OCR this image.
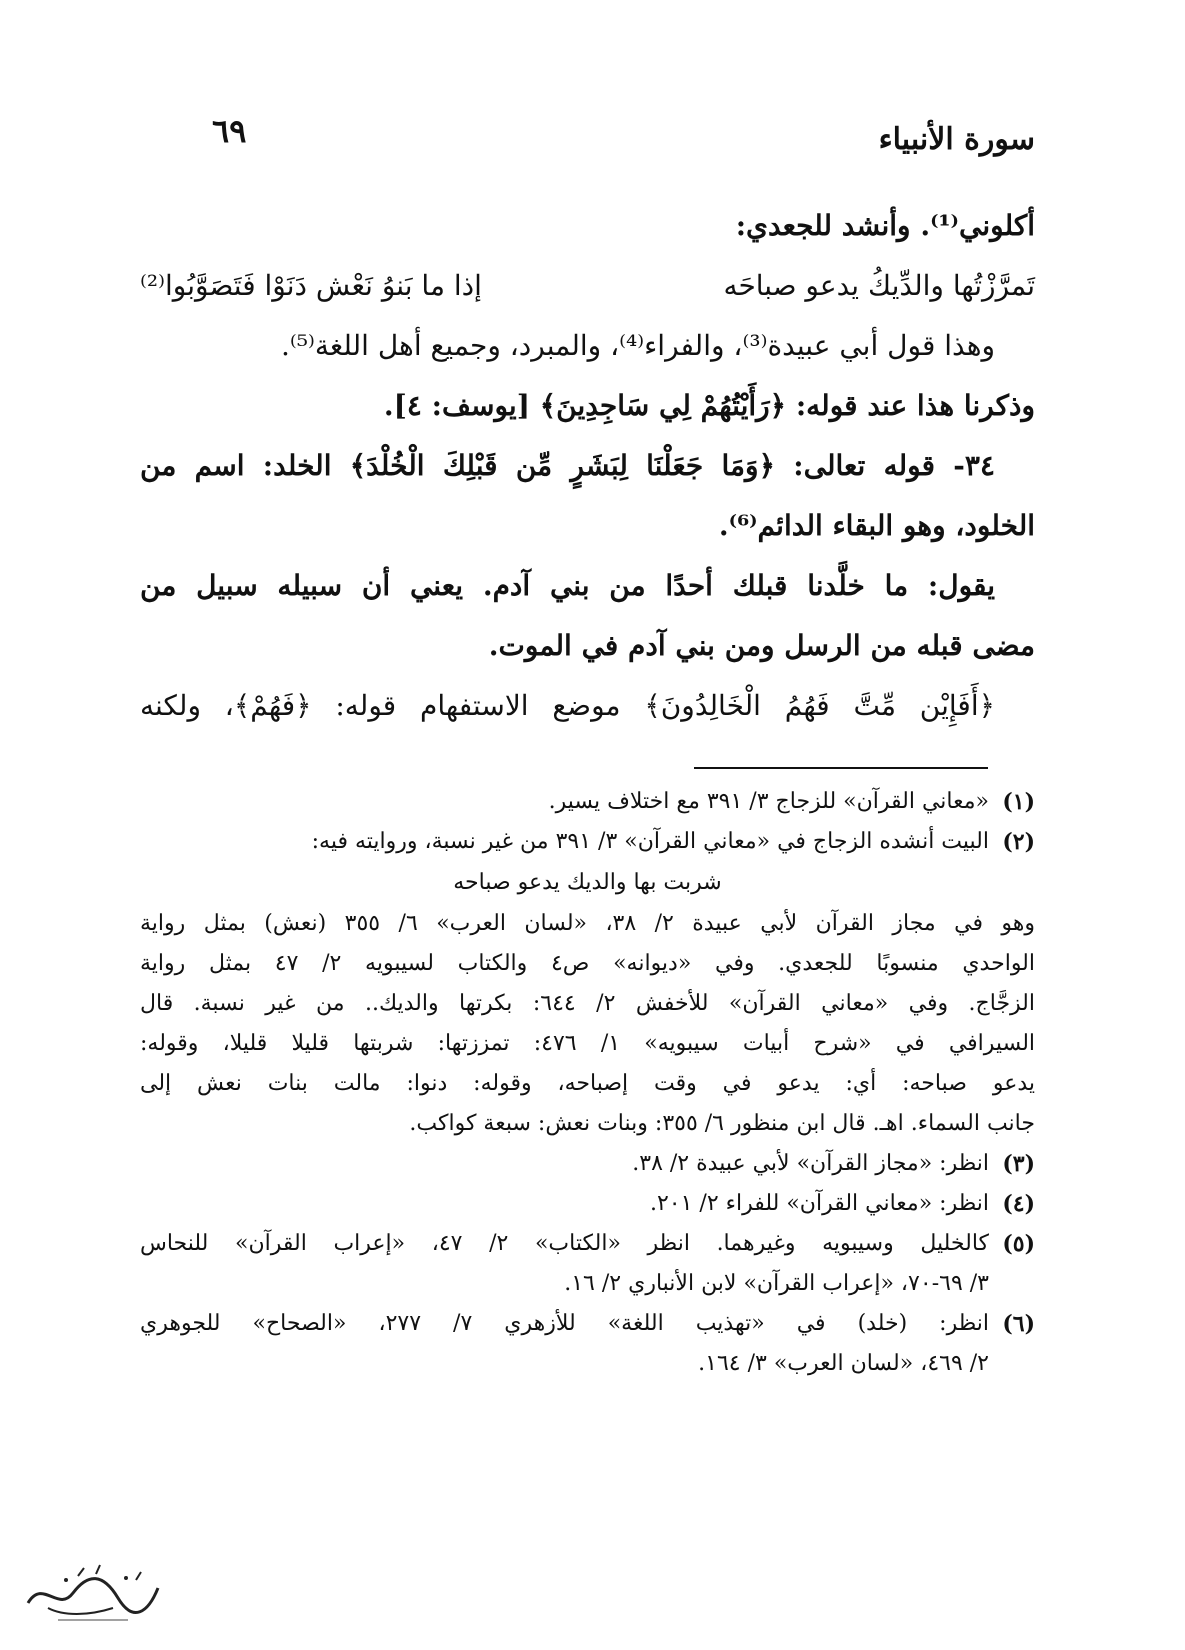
سورة الأنبياء
٦٩
أكلوني⁽¹⁾. وأنشد للجعدي:
تَمرَّزْتُها والدِّيكُ يدعو صباحَه
إذا ما بَنوُ نَعْش دَنَوْا فَتَصَوَّبُوا⁽²⁾
وهذا قول أبي عبيدة⁽³⁾، والفراء⁽⁴⁾، والمبرد، وجميع أهل اللغة⁽⁵⁾.
وذكرنا هذا عند قوله: ﴿رَأَيْتُهُمْ لِي سَاجِدِينَ﴾ [يوسف: ٤].
٣٤- قوله تعالى: ﴿وَمَا جَعَلْنَا لِبَشَرٍ مِّن قَبْلِكَ الْخُلْدَ﴾ الخلد: اسم من
الخلود، وهو البقاء الدائم⁽⁶⁾.
يقول: ما خلَّدنا قبلك أحدًا من بني آدم. يعني أن سبيله سبيل من
مضى قبله من الرسل ومن بني آدم في الموت.
﴿أَفَإِيْن مِّتَّ فَهُمُ الْخَالِدُونَ﴾ موضع الاستفهام قوله: ﴿فَهُمْ﴾، ولكنه
(١)
«معاني القرآن» للزجاج ٣/ ٣٩١ مع اختلاف يسير.
(٢)
البيت أنشده الزجاج في «معاني القرآن» ٣/ ٣٩١ من غير نسبة، وروايته فيه:
شربت بها والديك يدعو صباحه
وهو في مجاز القرآن لأبي عبيدة ٢/ ٣٨، «لسان العرب» ٦/ ٣٥٥ (نعش) بمثل رواية
الواحدي منسوبًا للجعدي. وفي «ديوانه» ص٤ والكتاب لسيبويه ٢/ ٤٧ بمثل رواية
الزجَّاج. وفي «معاني القرآن» للأخفش ٢/ ٦٤٤: بكرتها والديك.. من غير نسبة. قال
السيرافي في «شرح أبيات سيبويه» ١/ ٤٧٦: تمززتها: شربتها قليلا قليلا، وقوله:
يدعو صباحه: أي: يدعو في وقت إصباحه، وقوله: دنوا: مالت بنات نعش إلى
جانب السماء. اهـ. قال ابن منظور ٦/ ٣٥٥: وبنات نعش: سبعة كواكب.
(٣)
انظر: «مجاز القرآن» لأبي عبيدة ٢/ ٣٨.
(٤)
انظر: «معاني القرآن» للفراء ٢/ ٢٠١.
(٥)
كالخليل وسيبويه وغيرهما. انظر «الكتاب» ٢/ ٤٧، «إعراب القرآن» للنحاس
٣/ ٦٩-٧٠، «إعراب القرآن» لابن الأنباري ٢/ ١٦.
(٦)
انظر: (خلد) في «تهذيب اللغة» للأزهري ٧/ ٢٧٧، «الصحاح» للجوهري
٢/ ٤٦٩، «لسان العرب» ٣/ ١٦٤.
